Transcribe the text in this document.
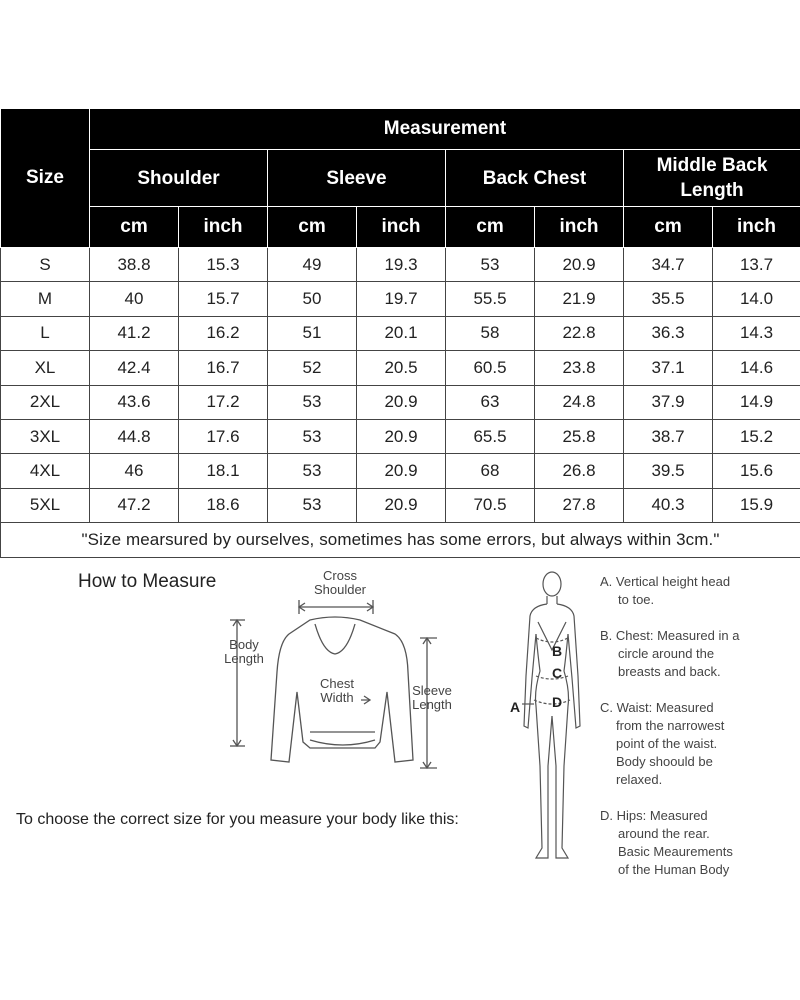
Size	Measurement							
	Shoulder		Sleeve		Back Chest		Middle Back Length	
	cm	inch	cm	inch	cm	inch	cm	inch
S	38.8	15.3	49	19.3	53	20.9	34.7	13.7
M	40	15.7	50	19.7	55.5	21.9	35.5	14.0
L	41.2	16.2	51	20.1	58	22.8	36.3	14.3
XL	42.4	16.7	52	20.5	60.5	23.8	37.1	14.6
2XL	43.6	17.2	53	20.9	63	24.8	37.9	14.9
3XL	44.8	17.6	53	20.9	65.5	25.8	38.7	15.2
4XL	46	18.1	53	20.9	68	26.8	39.5	15.6
5XL	47.2	18.6	53	20.9	70.5	27.8	40.3	15.9
"Size mearsured by ourselves, sometimes has some errors, but always within 3cm."								
How to Measure	Cross
Shoulder
Body
Length
Chest
Width	Sleeve
Length	A
B
C
D
A. Vertical height head
to toe.
B. Chest: Measured in a
circle around the
breasts and back.
C. Waist: Measured
from the narrowest
point of the waist.
Body shoould be
relaxed.
D. Hips: Measured
around the rear.
Basic Meaurements
of the Human Body
To choose the correct size for you measure your body like this:
